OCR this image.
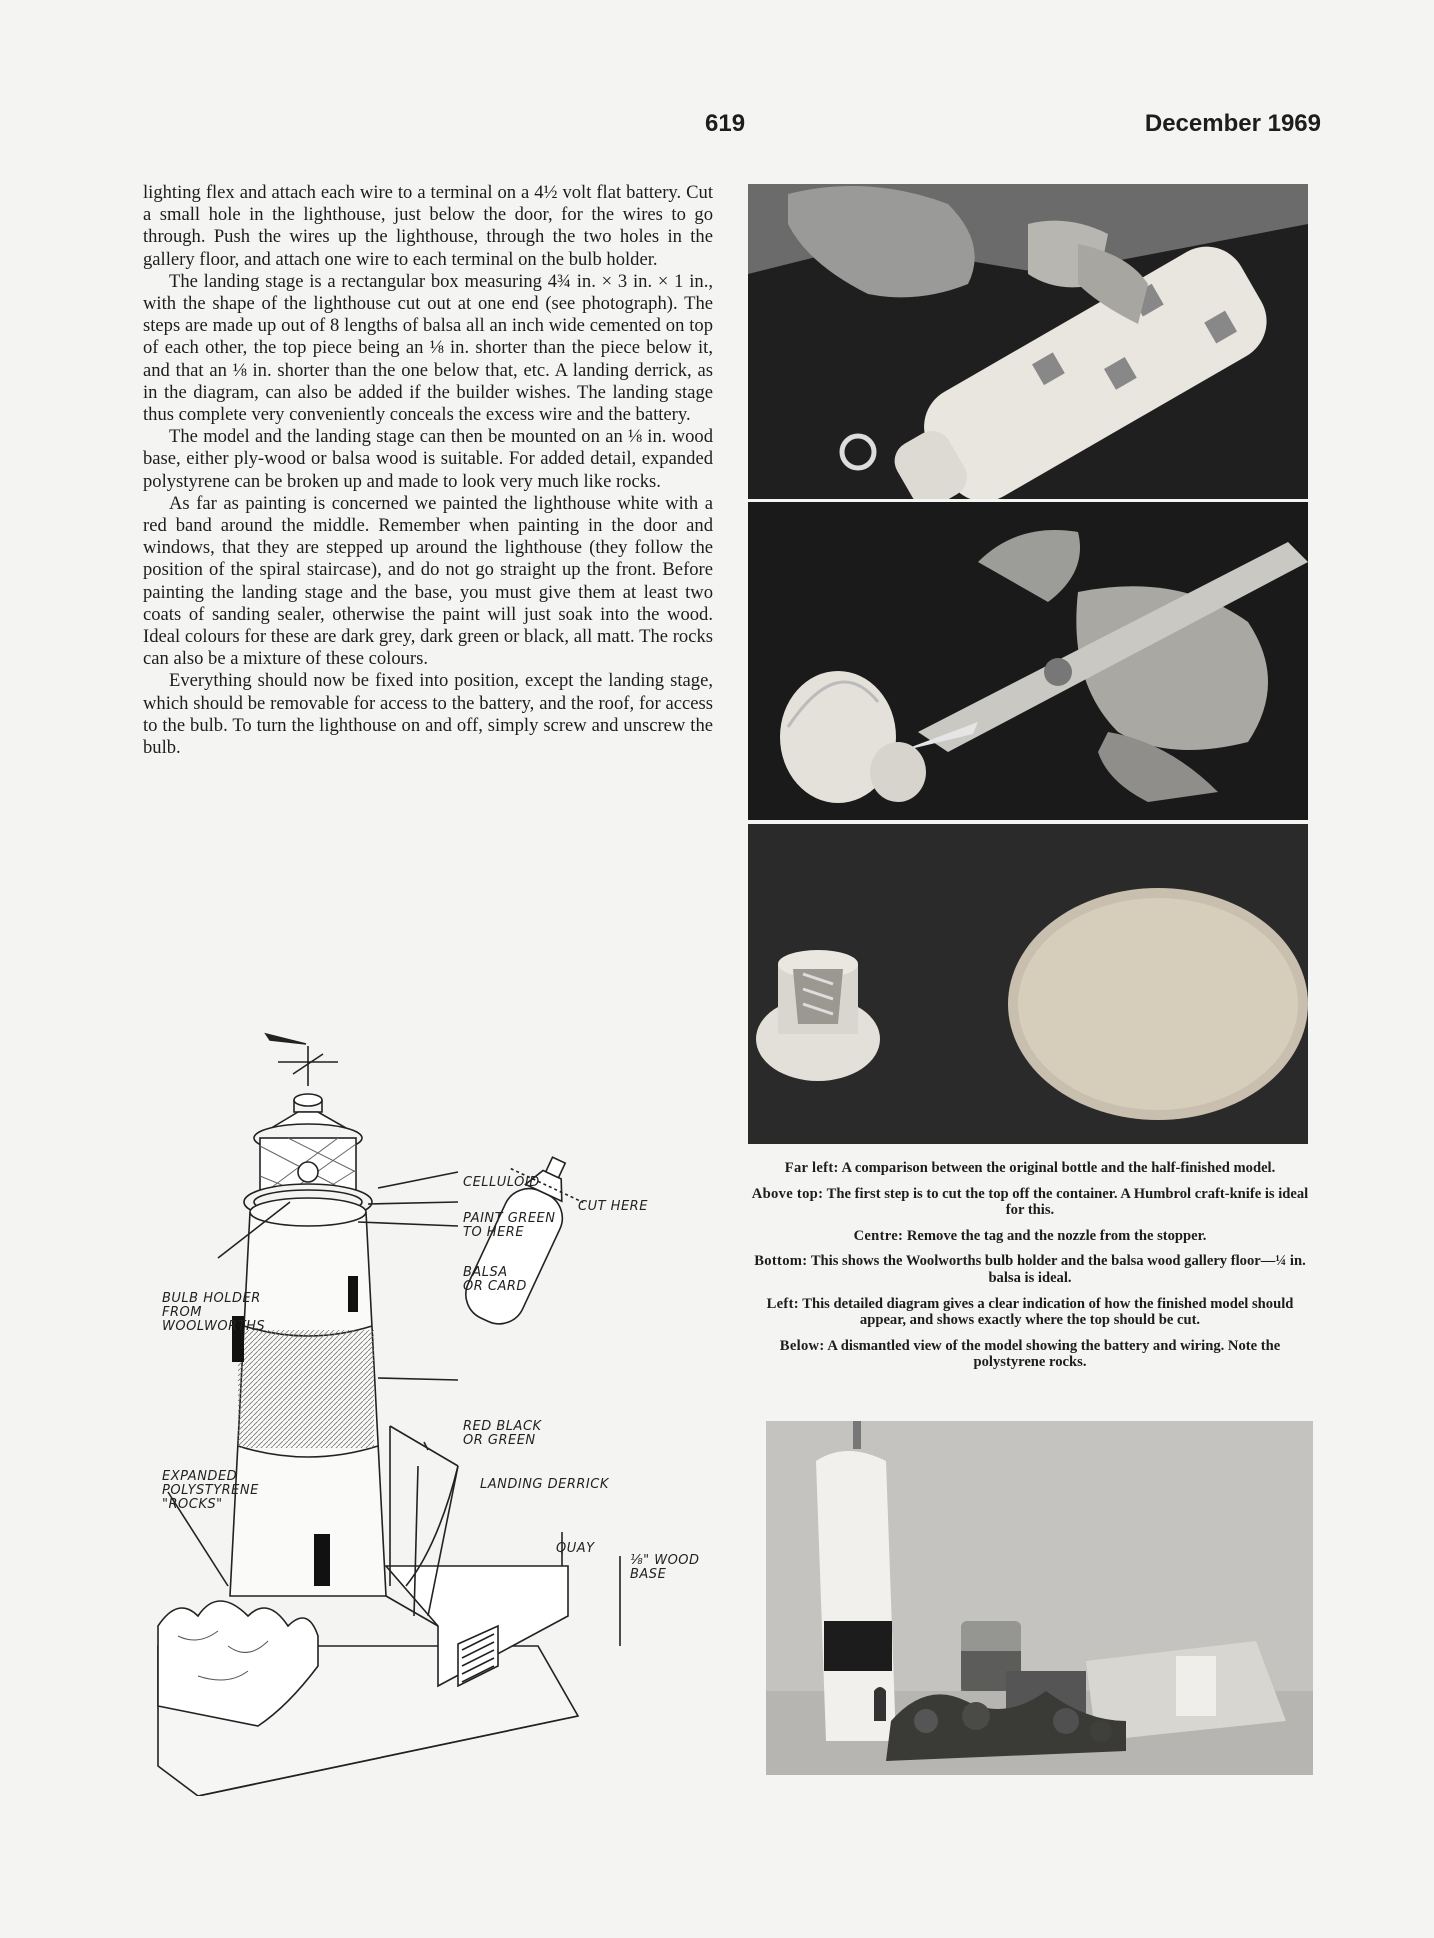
619	December 1969

lighting flex and attach each wire to a terminal on a 4½ volt flat battery. Cut a small hole in the lighthouse, just below the door, for the wires to go through. Push the wires up the lighthouse, through the two holes in the gallery floor, and attach one wire to each terminal on the bulb holder.

The landing stage is a rectangular box measuring 4¾ in. × 3 in. × 1 in., with the shape of the lighthouse cut out at one end (see photograph). The steps are made up out of 8 lengths of balsa all an inch wide cemented on top of each other, the top piece being an ⅛ in. shorter than the piece below it, and that an ⅛ in. shorter than the one below that, etc. A landing derrick, as in the diagram, can also be added if the builder wishes. The landing stage thus complete very conveniently conceals the excess wire and the battery.

The model and the landing stage can then be mounted on an ⅛ in. wood base, either ply-wood or balsa wood is suitable. For added detail, expanded polystyrene can be broken up and made to look very much like rocks.

As far as painting is concerned we painted the lighthouse white with a red band around the middle. Remember when painting in the door and windows, that they are stepped up around the lighthouse (they follow the position of the spiral staircase), and do not go straight up the front. Before painting the landing stage and the base, you must give them at least two coats of sanding sealer, otherwise the paint will just soak into the wood. Ideal colours for these are dark grey, dark green or black, all matt. The rocks can also be a mixture of these colours.

Everything should now be fixed into position, except the landing stage, which should be removable for access to the battery, and the roof, for access to the bulb. To turn the lighthouse on and off, simply screw and unscrew the bulb.

Far left: A comparison between the original bottle and the half-finished model.
Above top: The first step is to cut the top off the container. A Humbrol craft-knife is ideal for this.
Centre: Remove the tag and the nozzle from the stopper.
Bottom: This shows the Woolworths bulb holder and the balsa wood gallery floor—¼ in. balsa is ideal.
Left: This detailed diagram gives a clear indication of how the finished model should appear, and shows exactly where the top should be cut.
Below: A dismantled view of the model showing the battery and wiring. Note the polystyrene rocks.
CELLULOID
PAINT GREEN
TO HERE
CUT HERE
BALSA
OR CARD
BULB HOLDER
FROM
WOOLWORTHS
RED BLACK
OR GREEN
EXPANDED
POLYSTYRENE
"ROCKS"
LANDING DERRICK
QUAY
⅛" WOOD
BASE
